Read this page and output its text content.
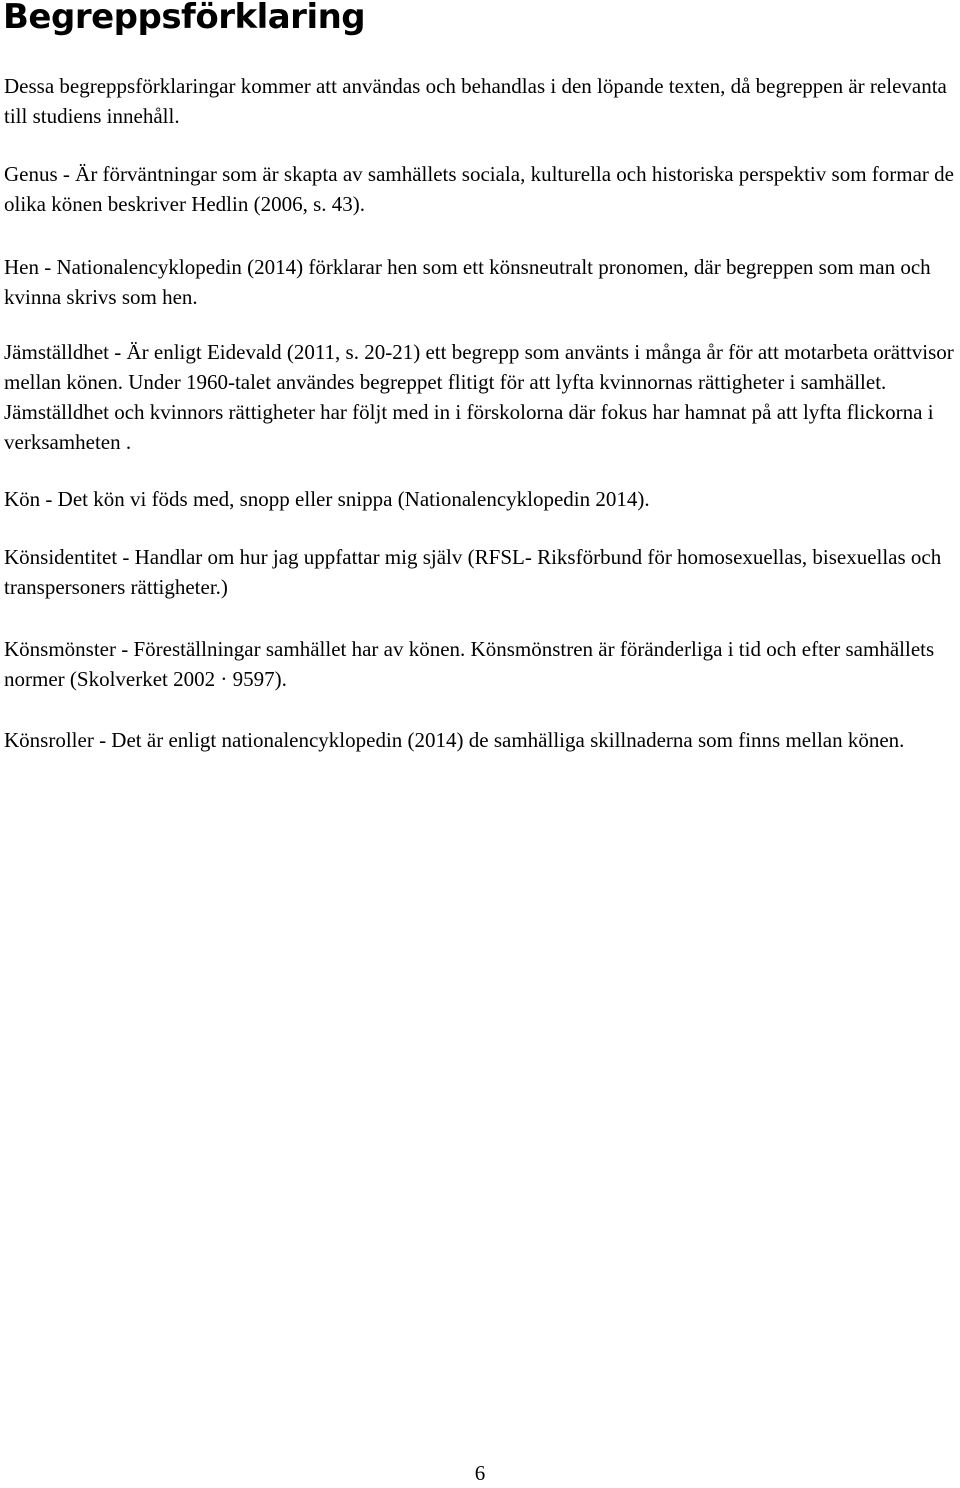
Begreppsförklaring

Dessa begreppsförklaringar kommer att användas och behandlas i den löpande texten, då begreppen är relevanta till studiens innehåll.

Genus - Är förväntningar som är skapta av samhällets sociala, kulturella och historiska perspektiv som formar de olika könen beskriver Hedlin (2006, s. 43).

Hen - Nationalencyklopedin (2014) förklarar hen som ett könsneutralt pronomen, där begreppen som man och kvinna skrivs som hen.

Jämställdhet - Är enligt Eidevald (2011, s. 20-21) ett begrepp som använts i många år för att motarbeta orättvisor mellan könen. Under 1960-talet användes begreppet flitigt för att lyfta kvinnornas rättigheter i samhället. Jämställdhet och kvinnors rättigheter har följt med in i förskolorna där fokus har hamnat på att lyfta flickorna i verksamheten .

Kön - Det kön vi föds med, snopp eller snippa (Nationalencyklopedin 2014).

Könsidentitet - Handlar om hur jag uppfattar mig själv (RFSL- Riksförbund för homosexuellas, bisexuellas och transpersoners rättigheter.)

Könsmönster - Föreställningar samhället har av könen. Könsmönstren är föränderliga i tid och efter samhällets normer (Skolverket 2002 · 9597).

Könsroller - Det är enligt nationalencyklopedin (2014) de samhälliga skillnaderna som finns mellan könen.

6
